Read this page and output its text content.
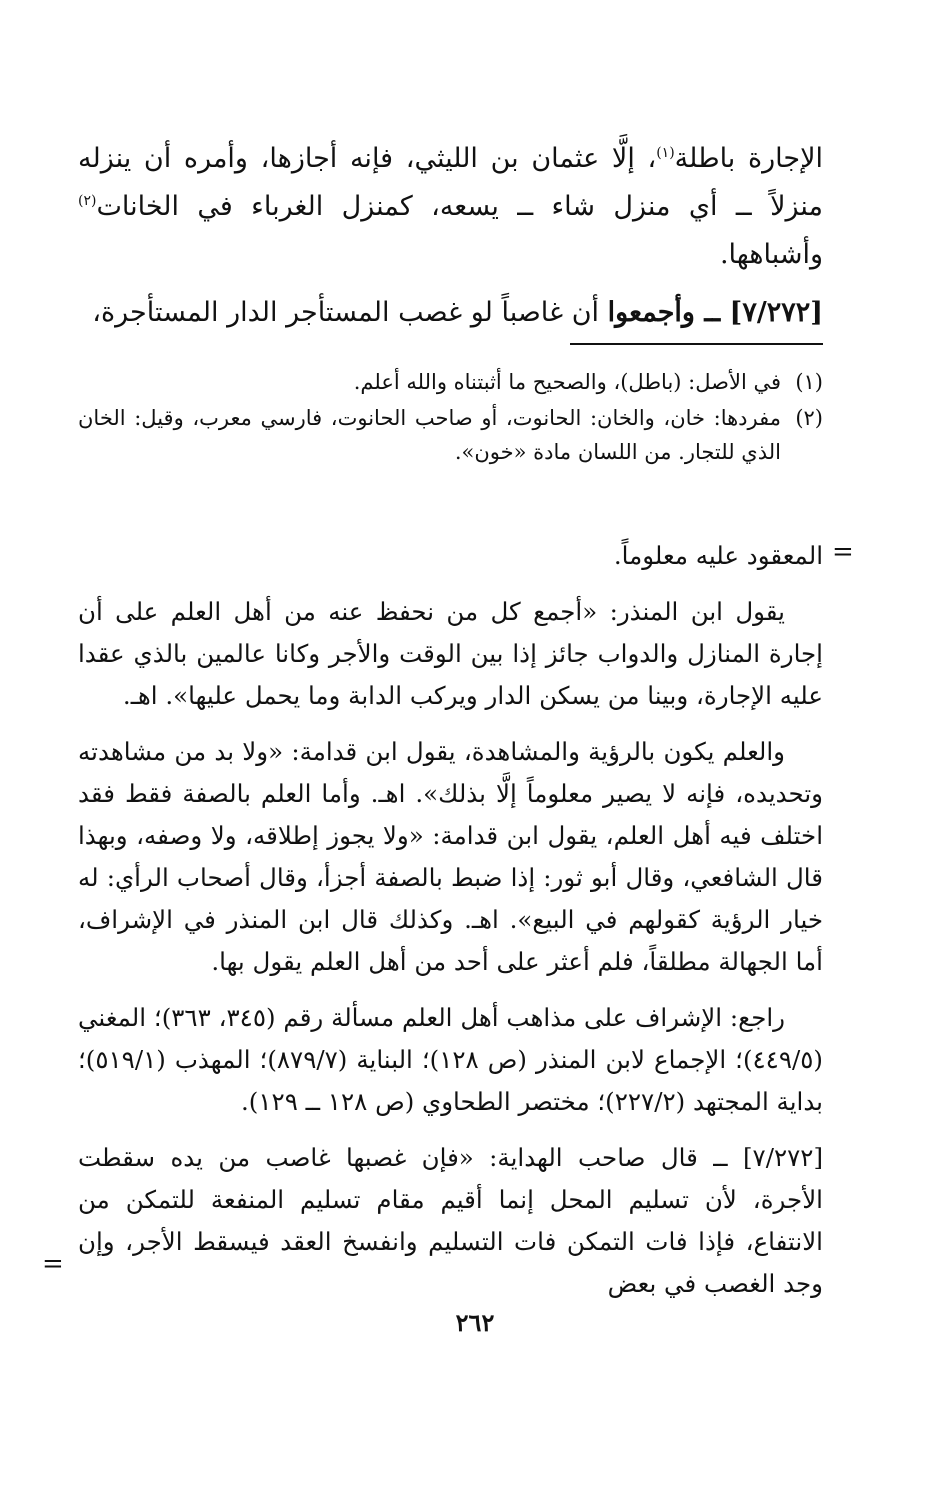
الإجارة باطلة$^{(١)}$، إلَّا عثمان بن الليثي، فإنه أجازها، وأمره أن ينزله منزلاً ــ أي منزل شاء ــ يسعه، كمنزل الغرباء في الخانات$^{(٢)}$ وأشباهها.

[٧/٢٧٢] ــ وأجمعوا أن غاصباً لو غصب المستأجر الدار المستأجرة،

(١)
في الأصل: (باطل)، والصحيح ما أثبتناه والله أعلم.
(٢)
مفردها: خان، والخان: الحانوت، أو صاحب الحانوت، فارسي معرب، وقيل: الخان الذي للتجار. من اللسان مادة «خون».
=

المعقود عليه معلوماً.

يقول ابن المنذر: «أجمع كل من نحفظ عنه من أهل العلم على أن إجارة المنازل والدواب جائز إذا بين الوقت والأجر وكانا عالمين بالذي عقدا عليه الإجارة، وبينا من يسكن الدار ويركب الدابة وما يحمل عليها». اهـ.

والعلم يكون بالرؤية والمشاهدة، يقول ابن قدامة: «ولا بد من مشاهدته وتحديده، فإنه لا يصير معلوماً إلَّا بذلك». اهـ. وأما العلم بالصفة فقط فقد اختلف فيه أهل العلم، يقول ابن قدامة: «ولا يجوز إطلاقه، ولا وصفه، وبهذا قال الشافعي، وقال أبو ثور: إذا ضبط بالصفة أجزأ، وقال أصحاب الرأي: له خيار الرؤية كقولهم في البيع». اهـ. وكذلك قال ابن المنذر في الإشراف، أما الجهالة مطلقاً، فلم أعثر على أحد من أهل العلم يقول بها.

راجع: الإشراف على مذاهب أهل العلم مسألة رقم (٣٤٥، ٣٦٣)؛ المغني (٤٤٩/٥)؛ الإجماع لابن المنذر (ص ١٢٨)؛ البناية (٨٧٩/٧)؛ المهذب (٥١٩/١)؛ بداية المجتهد (٢٢٧/٢)؛ مختصر الطحاوي (ص ١٢٨ ــ ١٢٩).

[٧/٢٧٢] ــ قال صاحب الهداية: «فإن غصبها غاصب من يده سقطت الأجرة، لأن تسليم المحل إنما أقيم مقام تسليم المنفعة للتمكن من الانتفاع، فإذا فات التمكن فات التسليم وانفسخ العقد فيسقط الأجر، وإن وجد الغصب في بعض

=
٢٦٢
